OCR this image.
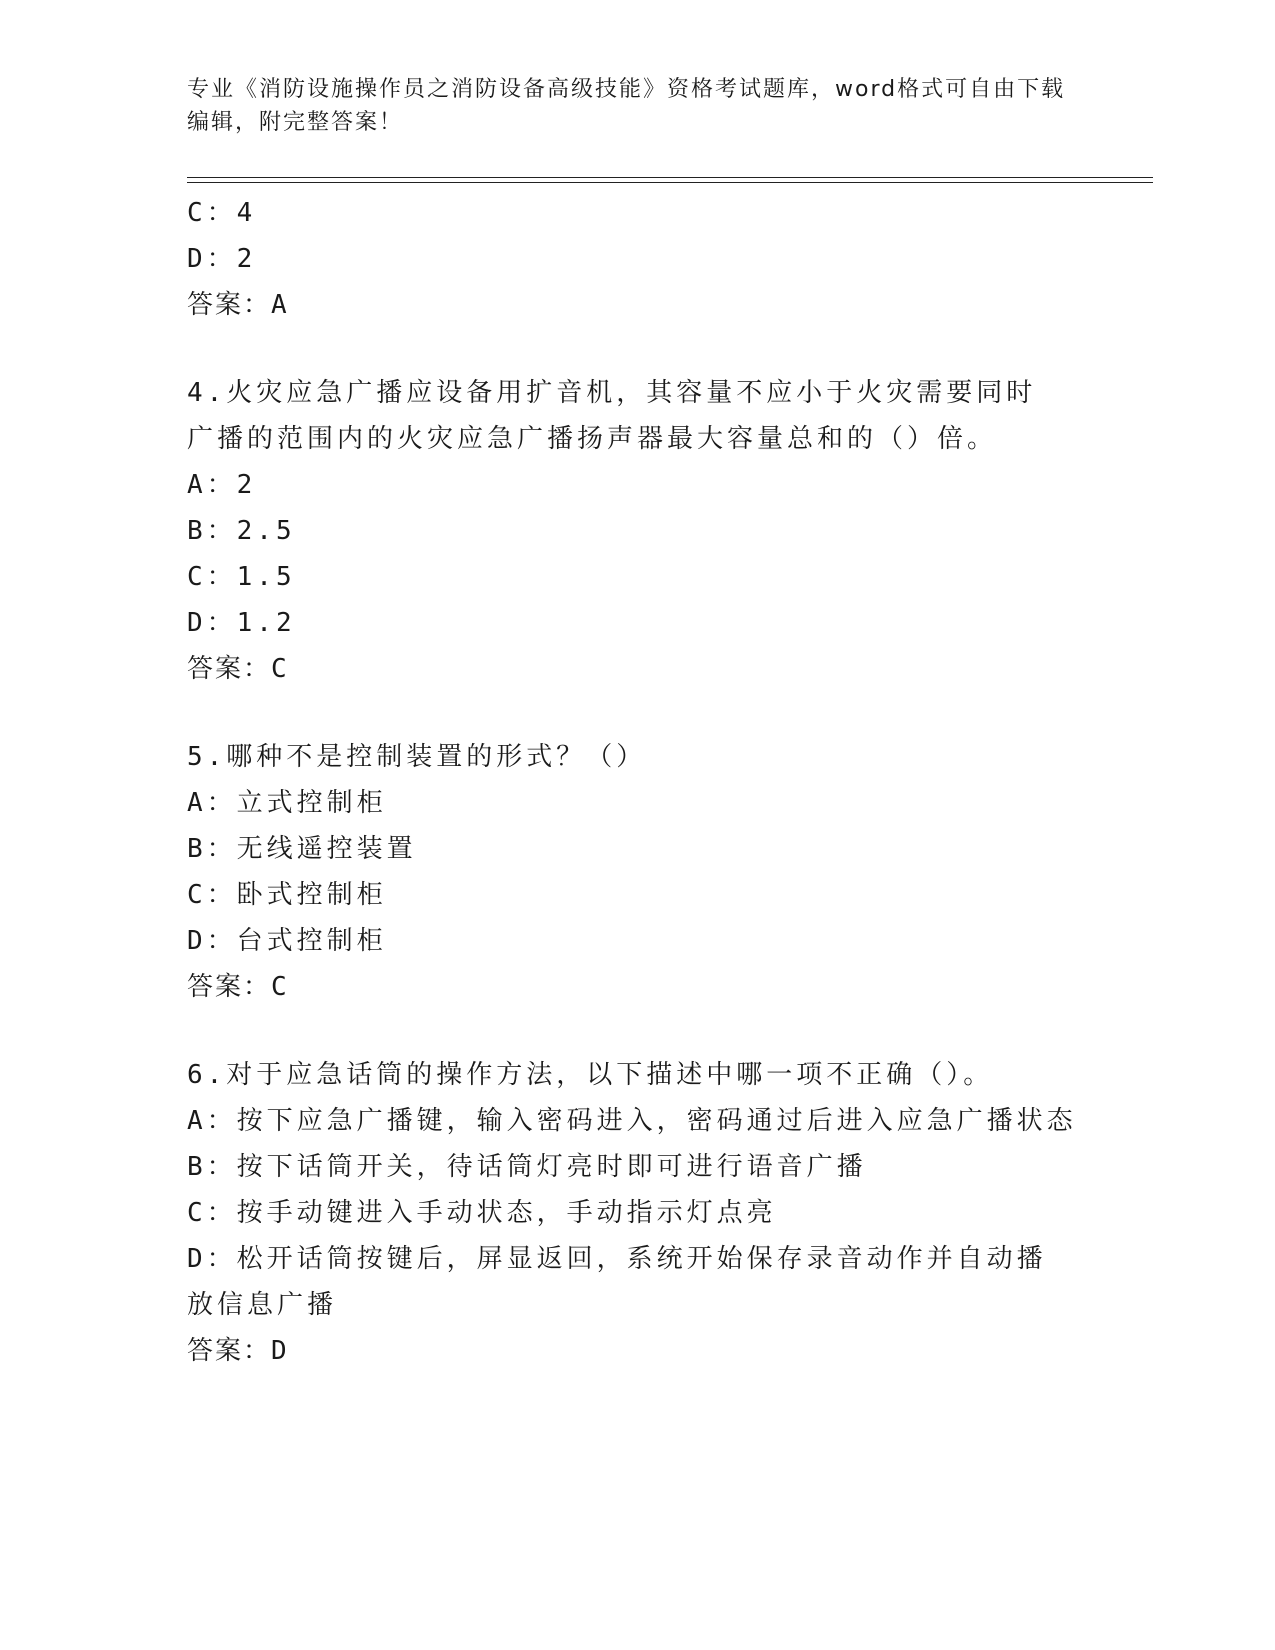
专业《消防设施操作员之消防设备高级技能》资格考试题库，word格式可自由下载编辑，附完整答案！
C：4
D：2
答案：A
4.火灾应急广播应设备用扩音机，其容量不应小于火灾需要同时广播的范围内的火灾应急广播扬声器最大容量总和的（）倍。
A：2
B：2.5
C：1.5
D：1.2
答案：C
5.哪种不是控制装置的形式？（）
A：立式控制柜
B：无线遥控装置
C：卧式控制柜
D：台式控制柜
答案：C
6.对于应急话筒的操作方法，以下描述中哪一项不正确（）。
A：按下应急广播键，输入密码进入，密码通过后进入应急广播状态
B：按下话筒开关，待话筒灯亮时即可进行语音广播
C：按手动键进入手动状态，手动指示灯点亮
D：松开话筒按键后，屏显返回，系统开始保存录音动作并自动播放信息广播
答案：D
